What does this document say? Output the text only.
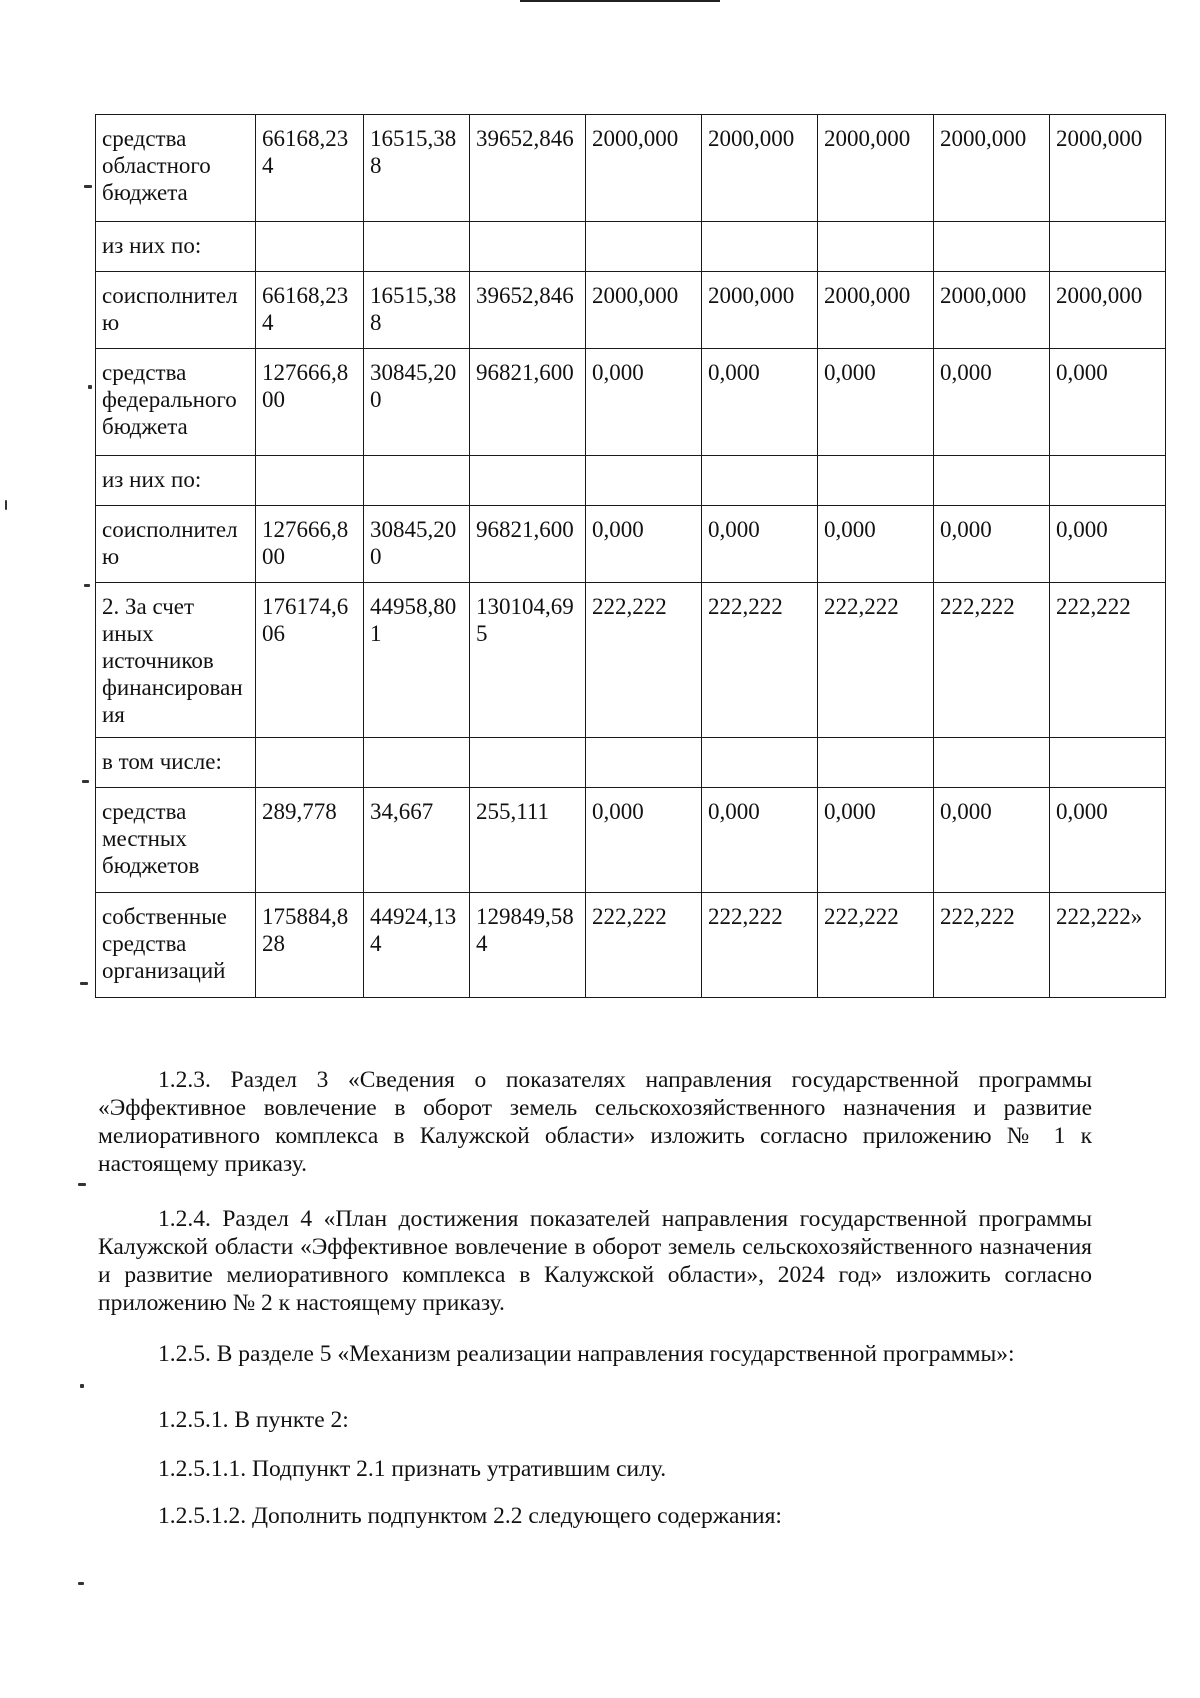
средства областного бюджета	66168,234	16515,388	39652,846	2000,000	2000,000	2000,000	2000,000	2000,000
из них по:								
соисполнителю	66168,234	16515,388	39652,846	2000,000	2000,000	2000,000	2000,000	2000,000
средства федерального бюджета	127666,800	30845,200	96821,600	0,000	0,000	0,000	0,000	0,000
из них по:								
соисполнителю	127666,800	30845,200	96821,600	0,000	0,000	0,000	0,000	0,000
2. За счет иных источников финансирования	176174,606	44958,801	130104,695	222,222	222,222	222,222	222,222	222,222
в том числе:								
средства местных бюджетов	289,778	34,667	255,111	0,000	0,000	0,000	0,000	0,000
собственные средства организаций	175884,828	44924,134	129849,584	222,222	222,222	222,222	222,222	222,222»

1.2.3. Раздел 3 «Сведения о показателях направления государственной программы «Эффективное вовлечение в оборот земель сельскохозяйственного назначения и развитие мелиоративного комплекса в Калужской области» изложить согласно приложению № 1 к настоящему приказу.

1.2.4. Раздел 4 «План достижения показателей направления государственной программы Калужской области «Эффективное вовлечение в оборот земель сельскохозяйственного назначения и развитие мелиоративного комплекса в Калужской области», 2024 год» изложить согласно приложению № 2 к настоящему приказу.

1.2.5. В разделе 5 «Механизм реализации направления государственной программы»:

1.2.5.1. В пункте 2:

1.2.5.1.1. Подпункт 2.1 признать утратившим силу.

1.2.5.1.2. Дополнить подпунктом 2.2 следующего содержания:
